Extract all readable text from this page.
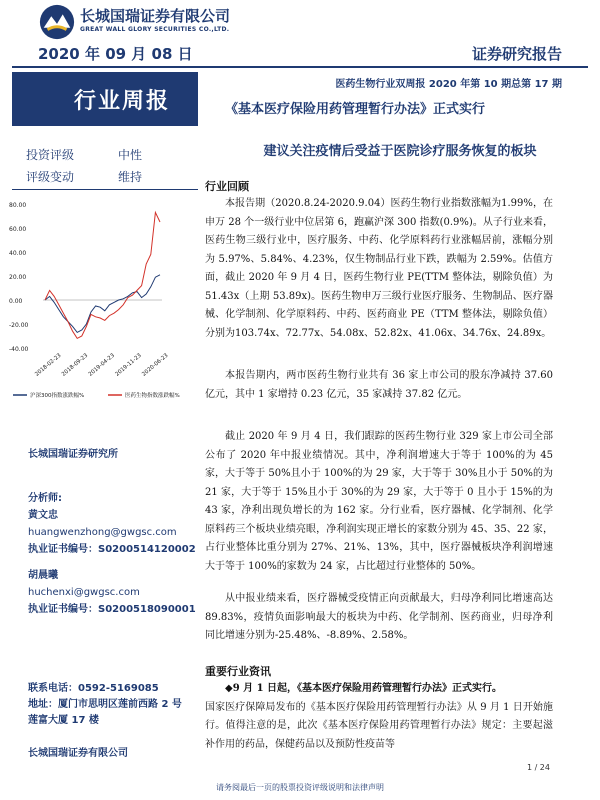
长城国瑞证券有限公司
GREAT WALL GLORY SECURITIES CO.,LTD.
2020 年 09 月 08 日	证券研究报告
医药生物行业双周报 2020 年第 10 期总第 17 期
行业周报	《基本医疗保险用药管理暂行办法》正式实行
建议关注疫情后受益于医院诊疗服务恢复的板块
投资评级	中性
评级变动	维持
80.00
60.00
40.00
20.00
0.00
-20.00
-40.00
2018-02-23
2018-09-23
2019-04-23
2019-11-23
2020-06-23
沪深300指数涨跌幅%	医药生物指数涨跌幅%
长城国瑞证券研究所
分析师:
黄文忠
huangwenzhong@gwgsc.com
执业证书编号：S0200514120002
胡晨曦
huchenxi@gwgsc.com
执业证书编号：S0200518090001
联系电话：0592-5169085
地址：厦门市思明区莲前西路 2 号
莲富大厦 17 楼
长城国瑞证券有限公司
行业回顾

本报告期（2020.8.24-2020.9.04）医药生物行业指数涨幅为1.99%，在申万 28 个一级行业中位居第 6，跑赢沪深 300 指数(0.9%)。从子行业来看，医药生物三级行业中，医疗服务、中药、化学原料药行业涨幅居前，涨幅分别为 5.97%、5.84%、4.23%，仅生物制品行业下跌，跌幅为 2.59%。估值方面，截止 2020 年 9 月 4 日，医药生物行业 PE(TTM 整体法，剔除负值）为 51.43x（上期 53.89x)。医药生物申万三级行业医疗服务、生物制品、医疗器械、化学制剂、化学原料药、中药、医药商业 PE（TTM 整体法，剔除负值）分别为103.74x、72.77x、54.08x、52.82x、41.06x、34.76x、24.89x。

本报告期内，两市医药生物行业共有 36 家上市公司的股东净减持 37.60 亿元，其中 1 家增持 0.23 亿元，35 家减持 37.82 亿元。

截止 2020 年 9 月 4 日，我们跟踪的医药生物行业 329 家上市公司全部公布了 2020 年中报业绩情况。其中，净利润增速大于等于 100%的为 45 家，大于等于 50%且小于 100%的为 29 家，大于等于 30%且小于 50%的为 21 家，大于等于 15%且小于 30%的为 29 家，大于等于 0 且小于 15%的为 43 家，净利出现负增长的为 162 家。分行业看，医疗器械、化学制剂、化学原料药三个板块业绩亮眼，净利润实现正增长的家数分别为 45、35、22 家，占行业整体比重分别为 27%、21%、13%，其中，医疗器械板块净利润增速大于等于 100%的家数为 24 家，占比超过行业整体的 50%。

从中报业绩来看，医疗器械受疫情正向贡献最大，归母净利同比增速高达 89.83%，疫情负面影响最大的板块为中药、化学制剂、医药商业，归母净利同比增速分别为-25.48%、-8.89%、2.58%。

重要行业资讯

◆9 月 1 日起，《基本医疗保险用药管理暂行办法》正式实行。

国家医疗保障局发布的《基本医疗保险用药管理暂行办法》从 9 月 1 日开始施行。值得注意的是，此次《基本医疗保险用药管理暂行办法》规定：主要起滋补作用的药品，保健药品以及预防性疫苗等

1 / 24
请务阅最后一页的股票投资评级说明和法律声明
